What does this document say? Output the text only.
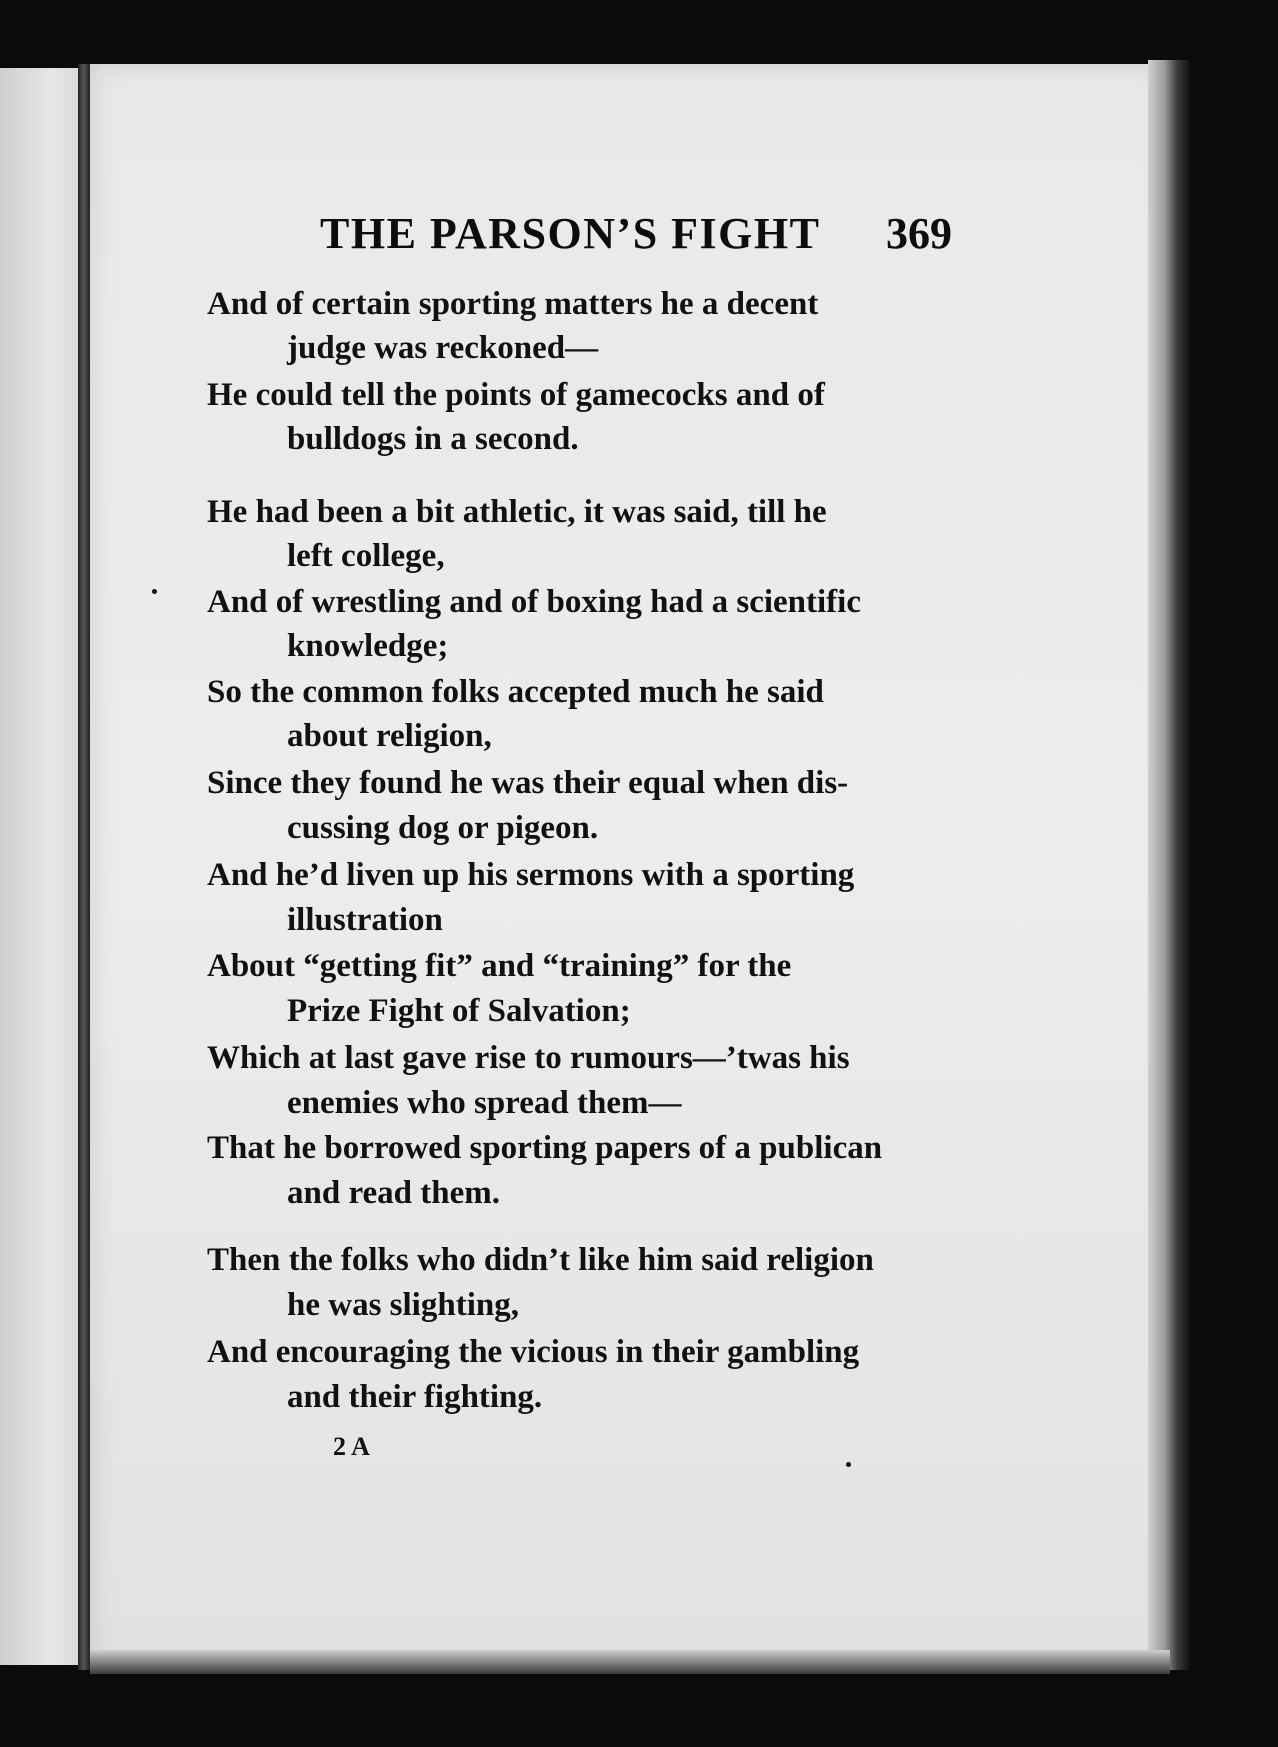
THE PARSON’S FIGHT 369
And of certain sporting matters he a decent
judge was reckoned—
He could tell the points of gamecocks and of
bulldogs in a second.
He had been a bit athletic, it was said, till he
left college,
And of wrestling and of boxing had a scientific
knowledge;
So the common folks accepted much he said
about religion,
Since they found he was their equal when dis-
cussing dog or pigeon.
And he’d liven up his sermons with a sporting
illustration
About “getting fit” and “training” for the
Prize Fight of Salvation;
Which at last gave rise to rumours—’twas his
enemies who spread them—
That he borrowed sporting papers of a publican
and read them.
Then the folks who didn’t like him said religion
he was slighting,
And encouraging the vicious in their gambling
and their fighting.
2 A
